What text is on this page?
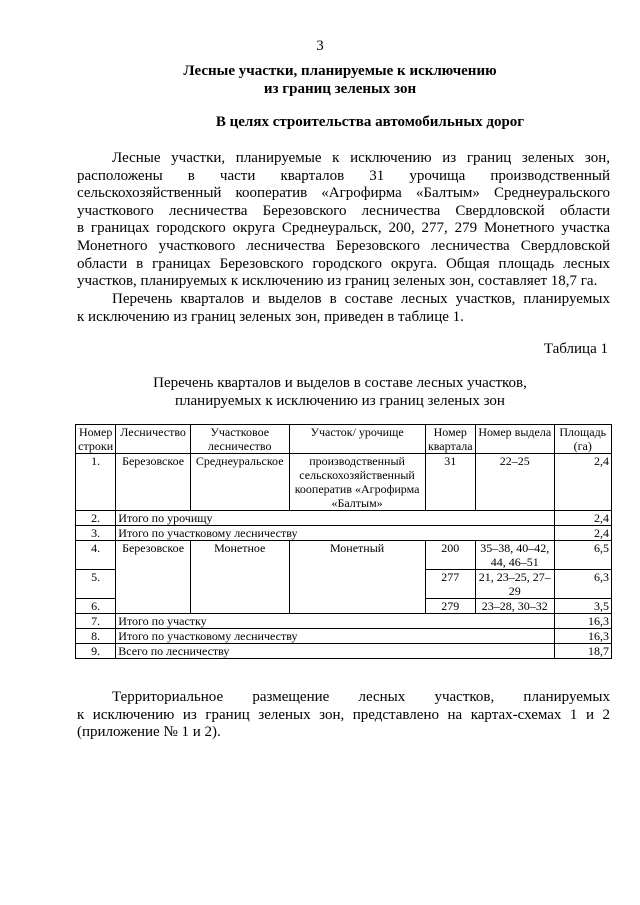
3
Лесные участки, планируемые к исключению
из границ зеленых зон
В целях строительства автомобильных дорог
Лесные участки, планируемые к исключению из границ зеленых зон,
расположены в части кварталов 31 урочища производственный
сельскохозяйственный кооператив «Агрофирма «Балтым» Среднеуральского
участкового лесничества Березовского лесничества Свердловской области
в границах городского округа Среднеуральск, 200, 277, 279 Монетного участка
Монетного участкового лесничества Березовского лесничества Свердловской
области в границах Березовского городского округа. Общая площадь лесных
участков, планируемых к исключению из границ зеленых зон, составляет 18,7 га.
Перечень кварталов и выделов в составе лесных участков, планируемых
к исключению из границ зеленых зон, приведен в таблице 1.
Таблица 1
Перечень кварталов и выделов в составе лесных участков,
планируемых к исключению из границ зеленых зон
Номер строки	Лесничество	Участковое лесничество	Участок/ урочище	Номер квартала	Номер выдела	Площадь (га)
1.	Березовское	Среднеуральское	производственный сельскохозяйственный кооператив «Агрофирма «Балтым»	31	22–25	2,4
2.	Итого по урочищу					2,4
3.	Итого по участковому лесничеству					2,4
4.	Березовское	Монетное	Монетный	200	35–38, 40–42, 44, 46–51	6,5
5.				277	21, 23–25, 27–29	6,3
6.				279	23–28, 30–32	3,5
7.	Итого по участку					16,3
8.	Итого по участковому лесничеству					16,3
9.	Всего по лесничеству					18,7
Территориальное размещение лесных участков, планируемых
к исключению из границ зеленых зон, представлено на картах-схемах 1 и 2
(приложение № 1 и 2).
